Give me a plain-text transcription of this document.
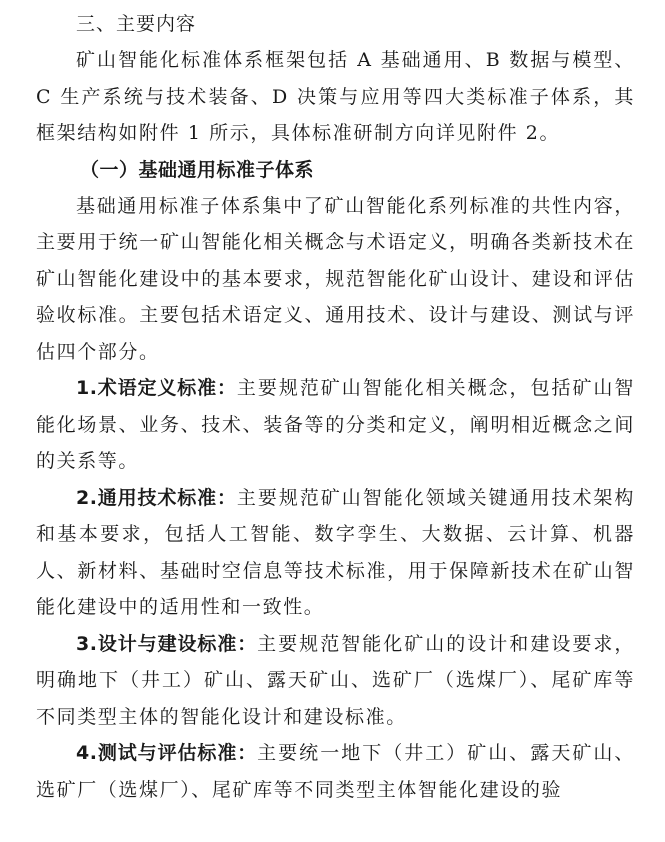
三、主要内容

矿山智能化标准体系框架包括 A 基础通用、B 数据与模型、C 生产系统与技术装备、D 决策与应用等四大类标准子体系，其框架结构如附件 1 所示，具体标准研制方向详见附件 2。

（一）基础通用标准子体系

基础通用标准子体系集中了矿山智能化系列标准的共性内容，主要用于统一矿山智能化相关概念与术语定义，明确各类新技术在矿山智能化建设中的基本要求，规范智能化矿山设计、建设和评估验收标准。主要包括术语定义、通用技术、设计与建设、测试与评估四个部分。

1.术语定义标准：主要规范矿山智能化相关概念，包括矿山智能化场景、业务、技术、装备等的分类和定义，阐明相近概念之间的关系等。

2.通用技术标准：主要规范矿山智能化领域关键通用技术架构和基本要求，包括人工智能、数字孪生、大数据、云计算、机器人、新材料、基础时空信息等技术标准，用于保障新技术在矿山智能化建设中的适用性和一致性。

3.设计与建设标准：主要规范智能化矿山的设计和建设要求，明确地下（井工）矿山、露天矿山、选矿厂（选煤厂）、尾矿库等不同类型主体的智能化设计和建设标准。

4.测试与评估标准：主要统一地下（井工）矿山、露天矿山、选矿厂（选煤厂）、尾矿库等不同类型主体智能化建设的验
